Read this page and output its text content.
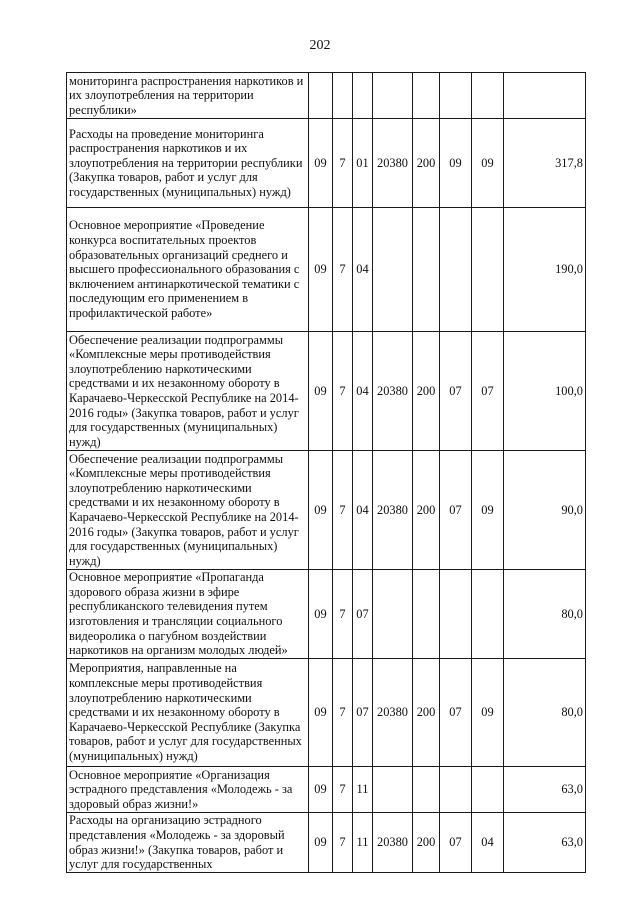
202
мониторинга распространения наркотиков и их злоупотребления на территории республики»								
Расходы на проведение мониторинга распространения наркотиков и их злоупотребления на территории республики (Закупка товаров, работ и услуг для государственных (муниципальных) нужд)	09	7	01	20380	200	09	09	317,8
Основное мероприятие «Проведение конкурса воспитательных проектов образовательных организаций среднего и высшего профессионального образования с включением антинаркотической тематики с последующим его применением в профилактической работе»	09	7	04					190,0
Обеспечение реализации подпрограммы «Комплексные меры противодействия злоупотреблению наркотическими средствами и их незаконному обороту в Карачаево-Черкесской Республике на 2014-2016 годы» (Закупка товаров, работ и услуг для государственных (муниципальных) нужд)	09	7	04	20380	200	07	07	100,0
Обеспечение реализации подпрограммы «Комплексные меры противодействия злоупотреблению наркотическими средствами и их незаконному обороту в Карачаево-Черкесской Республике на 2014-2016 годы» (Закупка товаров, работ и услуг для государственных (муниципальных) нужд)	09	7	04	20380	200	07	09	90,0
Основное мероприятие «Пропаганда здорового образа жизни в эфире республиканского телевидения путем изготовления и трансляции социального видеоролика о пагубном воздействии наркотиков на организм молодых людей»	09	7	07					80,0
Мероприятия, направленные на комплексные меры противодействия злоупотреблению наркотическими средствами и их незаконному обороту в Карачаево-Черкесской Республике (Закупка товаров, работ и услуг для государственных (муниципальных) нужд)	09	7	07	20380	200	07	09	80,0
Основное мероприятие «Организация эстрадного представления «Молодежь - за здоровый образ жизни!»	09	7	11					63,0
Расходы на организацию эстрадного представления «Молодежь - за здоровый образ жизни!» (Закупка товаров, работ и услуг для государственных	09	7	11	20380	200	07	04	63,0
